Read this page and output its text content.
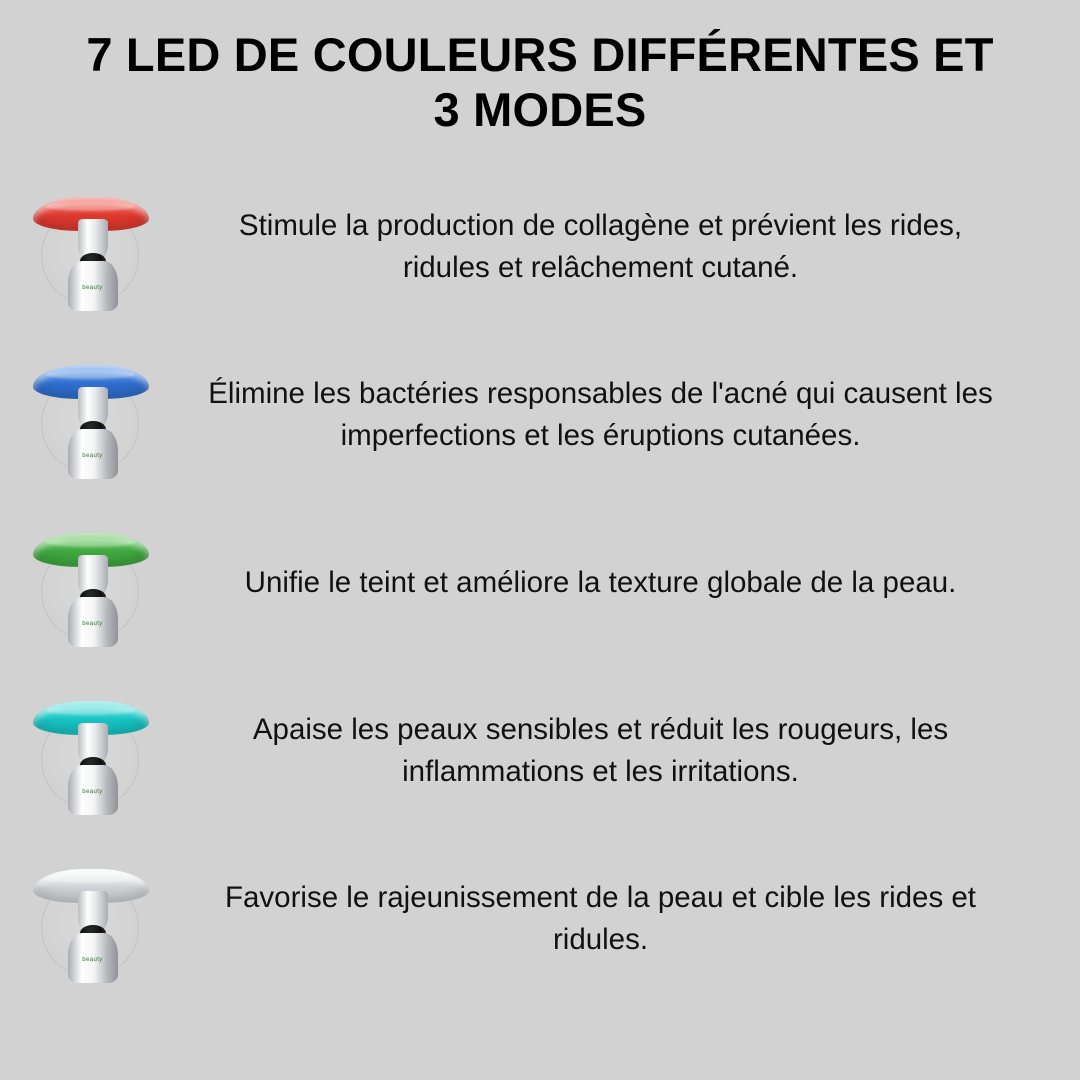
7 LED DE COULEURS DIFFÉRENTES ET 3 MODES
beauty
Stimule la production de collagène et prévient les rides, ridules et relâchement cutané.
beauty
Élimine les bactéries responsables de l'acné qui causent les imperfections et les éruptions cutanées.
beauty
Unifie le teint et améliore la texture globale de la peau.
beauty
Apaise les peaux sensibles et réduit les rougeurs, les inflammations et les irritations.
beauty
Favorise le rajeunissement de la peau et cible les rides et ridules.
